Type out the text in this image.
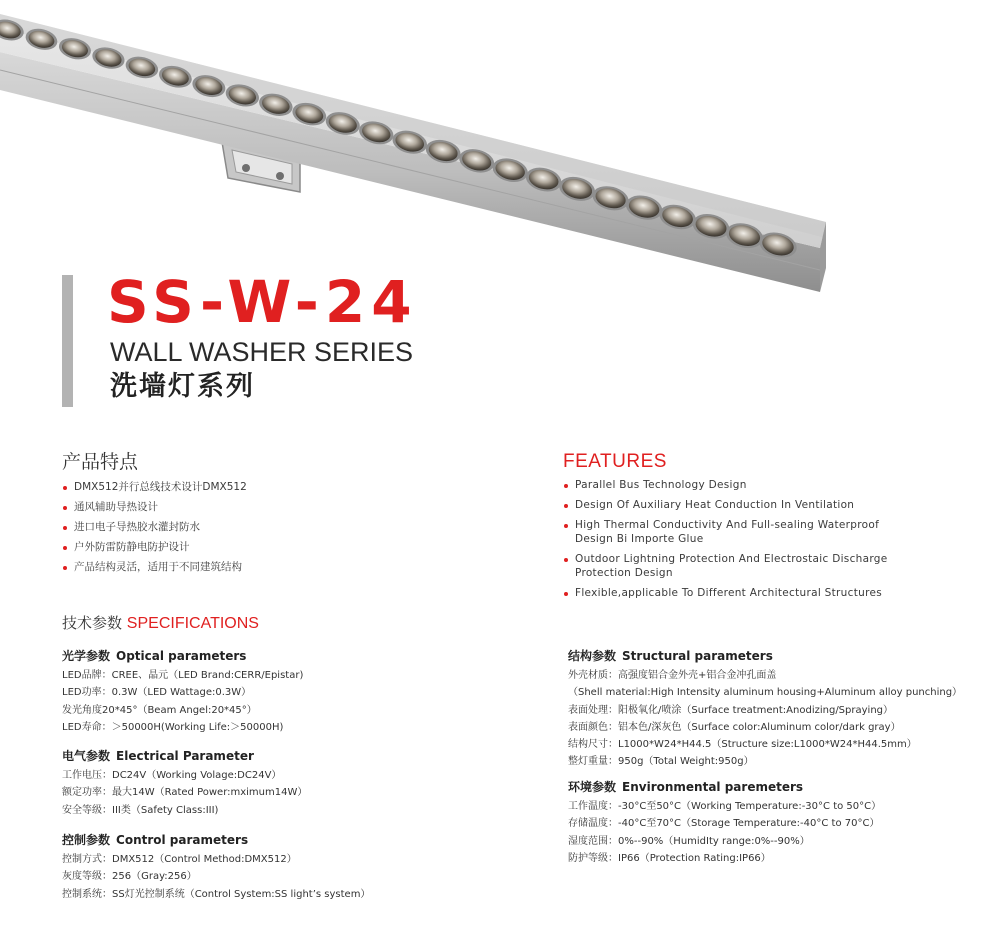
SS-W-24
WALL WASHER SERIES
洗墙灯系列
产品特点
DMX512并行总线技术设计DMX512
通风辅助导热设计
进口电子导热胶水灌封防水
户外防雷防静电防护设计
产品结构灵活，适用于不同建筑结构
FEATURES
Parallel Bus Technology Design
Design Of Auxiliary Heat Conduction In Ventilation
High Thermal Conductivity And Full-sealing Waterproof
Design Bi Importe Glue
Outdoor Lightning Protection And Electrostaic Discharge
Protection Design
Flexible,applicable To Different Architectural Structures
技术参数 SPECIFICATIONS
光学参数 Optical parameters
LED品牌：CREE、晶元（LED Brand:CERR/Epistar)
LED功率：0.3W（LED Wattage:0.3W）
发光角度20*45°（Beam Angel:20*45°）
LED寿命：＞50000H(Working Life:＞50000H)
电气参数 Electrical Parameter
工作电压：DC24V（Working Volage:DC24V）
额定功率：最大14W（Rated Power:mximum14W）
安全等级：III类（Safety Class:III)
控制参数 Control parameters
控制方式：DMX512（Control Method:DMX512）
灰度等级：256（Gray:256）
控制系统：SS灯光控制系统（Control System:SS light’s system）
结构参数 Structural parameters
外壳材质：高强度铝合金外壳+铝合金冲孔面盖
（Shell material:High Intensity aluminum housing+Aluminum alloy punching）
表面处理：阳极氧化/喷涂（Surface treatment:Anodizing/Spraying）
表面颜色：铝本色/深灰色（Surface color:Aluminum color/dark gray）
结构尺寸：L1000*W24*H44.5（Structure size:L1000*W24*H44.5mm）
整灯重量：950g（Total Weight:950g）
环境参数 Environmental paremeters
工作温度：-30°C至50°C（Working Temperature:-30°C to 50°C）
存储温度：-40°C至70°C（Storage Temperature:-40°C to 70°C）
湿度范围：0%--90%（HumidIty range:0%--90%）
防护等级：IP66（Protection Rating:IP66）
